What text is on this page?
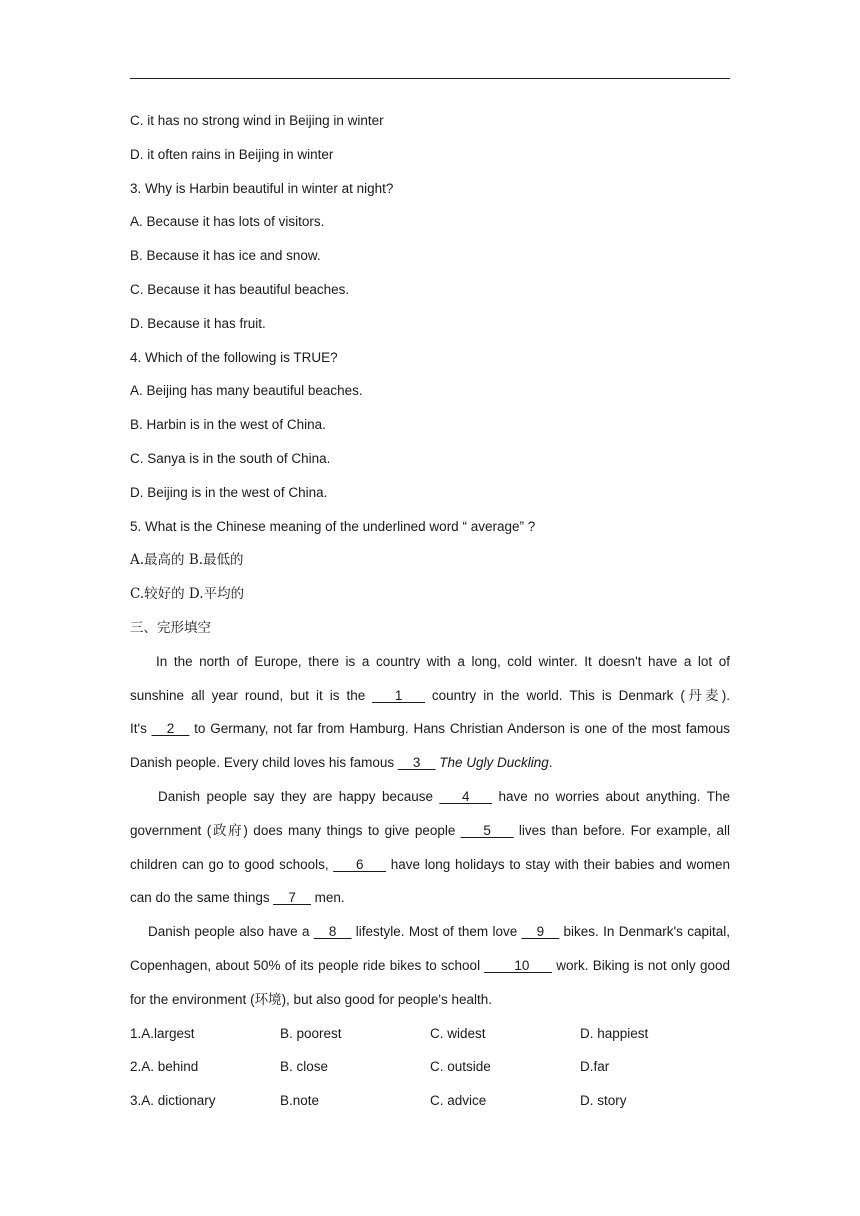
C. it has no strong wind in Beijing in winter
D. it often rains in Beijing in winter
3. Why is Harbin beautiful in winter at night?
A. Because it has lots of visitors.
B. Because it has ice and snow.
C. Because it has beautiful beaches.
D. Because it has fruit.
4. Which of the following is TRUE?
A. Beijing has many beautiful beaches.
B. Harbin is in the west of China.
C. Sanya is in the south of China.
D. Beijing is in the west of China.
5. What is the Chinese meaning of the underlined word “ average” ?
A.最高的 B.最低的
C.较好的 D.平均的
三、完形填空
In the north of Europe, there is a country with a long, cold winter. It doesn't have a lot of
sunshine all year round, but it is the ___1___ country in the world. This is Denmark (丹麦).
It's __2__ to Germany, not far from Hamburg. Hans Christian Anderson is one of the most famous
Danish people. Every child loves his famous __3__ The Ugly Duckling.
Danish people say they are happy because ___4___ have no worries about anything. The
government (政府) does many things to give people ___5___ lives than before. For example, all
children can go to good schools, ___6___ have long holidays to stay with their babies and women
can do the same things __7__ men.
Danish people also have a __8__ lifestyle. Most of them love __9__ bikes. In Denmark's capital,
Copenhagen, about 50% of its people ride bikes to school ____10___ work. Biking is not only good
for the environment (环境), but also good for people's health.
1.A.largest	B. poorest	C. widest	D. happiest
2.A. behind	B. close	C. outside	D.far
3.A. dictionary	B.note	C. advice	D. story
